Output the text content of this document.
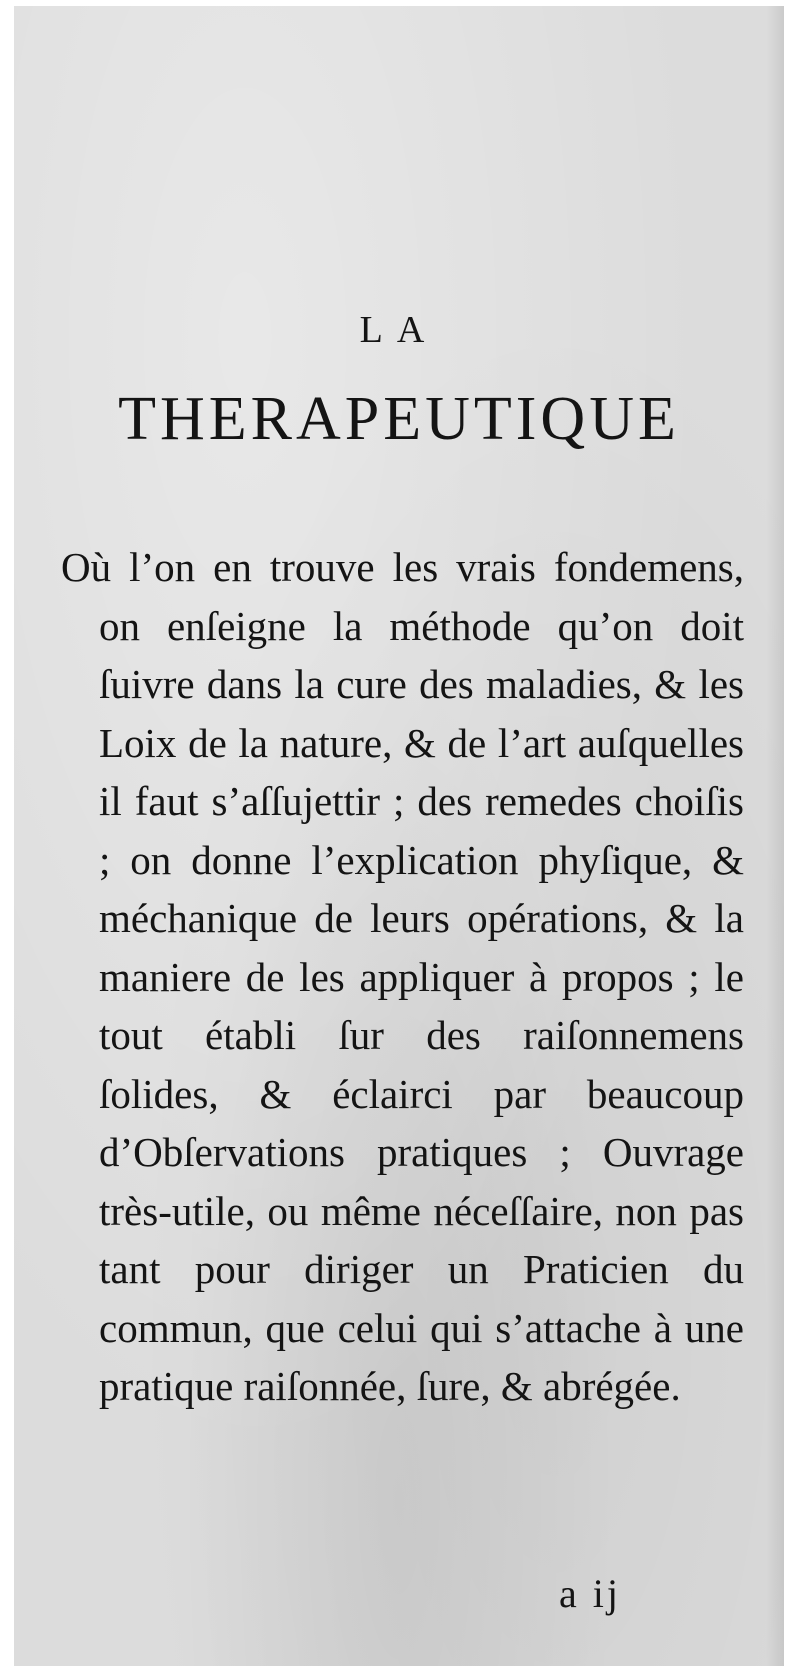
LA
THERAPEUTIQUE
Où l’on en trouve les vrais fondemens, on enſeigne la méthode qu’on doit ſuivre dans la cure des maladies, & les Loix de la nature, & de l’art auſquelles il faut s’aſſujettir ; des remedes choiſis ; on donne l’explication phyſique, & méchanique de leurs opérations, & la maniere de les appliquer à propos ; le tout établi ſur des raiſonnemens ſolides, & éclairci par beaucoup d’Obſervations pratiques ; Ouvrage très-utile, ou même néceſſaire, non pas tant pour diriger un Praticien du commun, que celui qui s’attache à une pratique raiſonnée, ſure, & abrégée.
a ij
